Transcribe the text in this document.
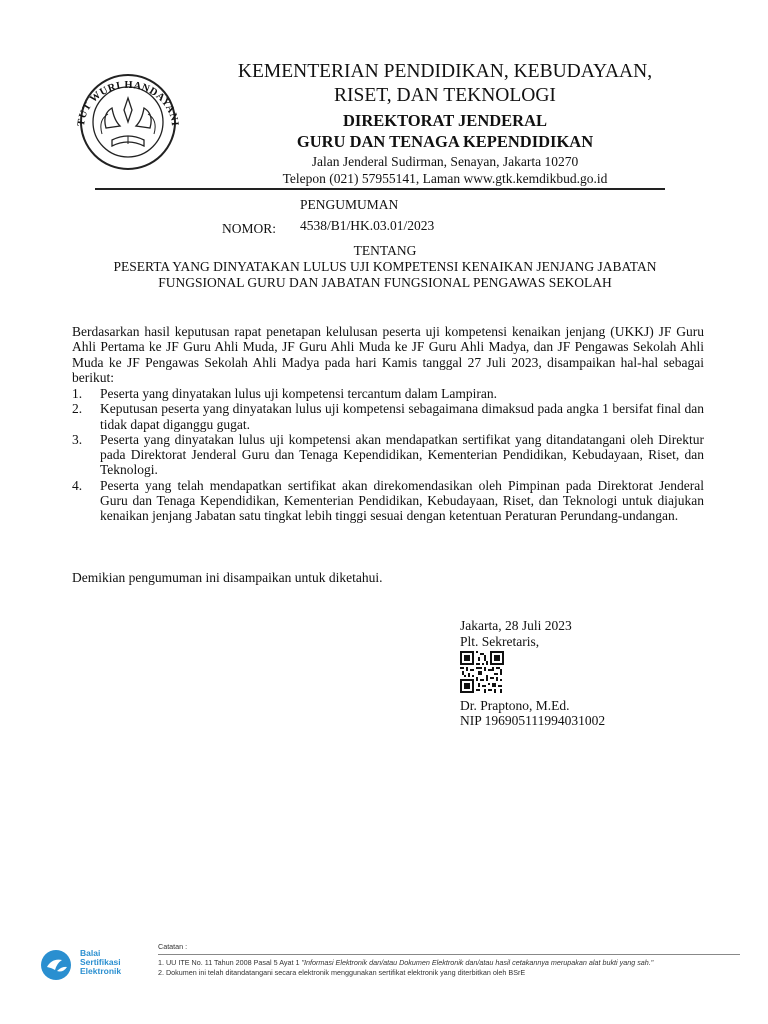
TUT WURI HANDAYANI
KEMENTERIAN PENDIDIKAN, KEBUDAYAAN,
RISET, DAN TEKNOLOGI
DIREKTORAT JENDERAL
GURU DAN TENAGA KEPENDIDIKAN
Jalan Jenderal Sudirman, Senayan, Jakarta 10270
Telepon (021) 57955141, Laman www.gtk.kemdikbud.go.id
PENGUMUMAN
NOMOR: 4538/B1/HK.03.01/2023
TENTANG
PESERTA YANG DINYATAKAN LULUS UJI KOMPETENSI KENAIKAN JENJANG JABATAN
FUNGSIONAL GURU DAN JABATAN FUNGSIONAL PENGAWAS SEKOLAH
Berdasarkan hasil keputusan rapat penetapan kelulusan peserta uji kompetensi kenaikan jenjang (UKKJ) JF Guru Ahli Pertama ke JF Guru Ahli Muda, JF Guru Ahli Muda ke JF Guru Ahli Madya, dan JF Pengawas Sekolah Ahli Muda ke JF Pengawas Sekolah Ahli Madya pada hari Kamis tanggal 27 Juli 2023, disampaikan hal-hal sebagai berikut:
1. Peserta yang dinyatakan lulus uji kompetensi tercantum dalam Lampiran.
2. Keputusan peserta yang dinyatakan lulus uji kompetensi sebagaimana dimaksud pada angka 1 bersifat final dan tidak dapat diganggu gugat.
3. Peserta yang dinyatakan lulus uji kompetensi akan mendapatkan sertifikat yang ditandatangani oleh Direktur pada Direktorat Jenderal Guru dan Tenaga Kependidikan, Kementerian Pendidikan, Kebudayaan, Riset, dan Teknologi.
4. Peserta yang telah mendapatkan sertifikat akan direkomendasikan oleh Pimpinan pada Direktorat Jenderal Guru dan Tenaga Kependidikan, Kementerian Pendidikan, Kebudayaan, Riset, dan Teknologi untuk diajukan kenaikan jenjang Jabatan satu tingkat lebih tinggi sesuai dengan ketentuan Peraturan Perundang-undangan.
Demikian pengumuman ini disampaikan untuk diketahui.
Jakarta, 28 Juli 2023
Plt. Sekretaris,
Dr. Praptono, M.Ed.
NIP 196905111994031002
Balai
Sertifikasi
Elektronik
Catatan :
1. UU ITE No. 11 Tahun 2008 Pasal 5 Ayat 1 "Informasi Elektronik dan/atau Dokumen Elektronik dan/atau hasil cetakannya merupakan alat bukti yang sah."
2. Dokumen ini telah ditandatangani secara elektronik menggunakan sertifikat elektronik yang diterbitkan oleh BSrE
